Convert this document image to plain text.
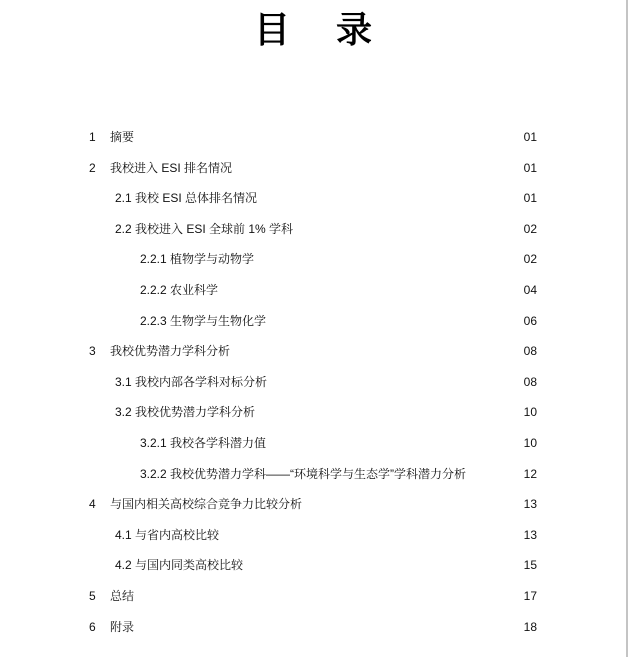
目 录
1 摘要	01
2 我校进入 ESI 排名情况	01
2.1 我校 ESI 总体排名情况	01
2.2 我校进入 ESI 全球前 1% 学科	02
2.2.1 植物学与动物学	02
2.2.2 农业科学	04
2.2.3 生物学与生物化学	06
3 我校优势潜力学科分析	08
3.1 我校内部各学科对标分析	08
3.2 我校优势潜力学科分析	10
3.2.1 我校各学科潜力值	10
3.2.2 我校优势潜力学科——“环境科学与生态学”学科潜力分析	12
4 与国内相关高校综合竞争力比较分析	13
4.1 与省内高校比较	13
4.2 与国内同类高校比较	15
5 总结	17
6 附录	18
